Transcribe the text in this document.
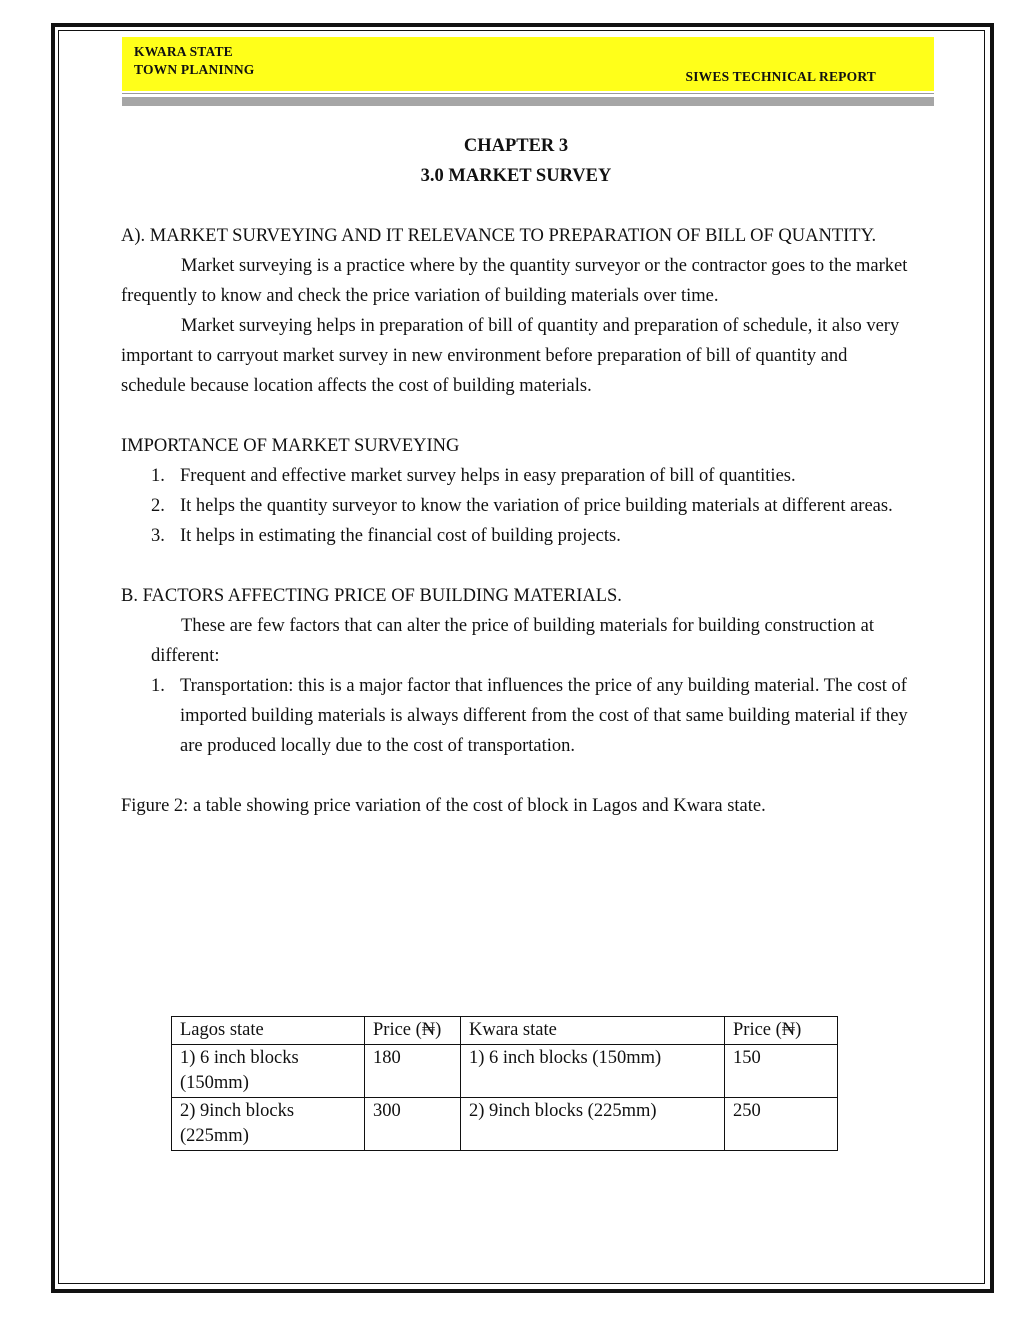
KWARA STATE
TOWN PLANINNG	SIWES TECHNICAL REPORT
CHAPTER 3
3.0 MARKET SURVEY

A). MARKET SURVEYING AND IT RELEVANCE TO PREPARATION OF BILL OF QUANTITY.

Market surveying is a practice where by the quantity surveyor or the contractor goes to the market frequently to know and check the price variation of building materials over time.

Market surveying helps in preparation of bill of quantity and preparation of schedule, it also very important to carryout market survey in new environment before preparation of bill of quantity and schedule because location affects the cost of building materials.

IMPORTANCE OF MARKET SURVEYING

1. Frequent and effective market survey helps in easy preparation of bill of quantities.
2. It helps the quantity surveyor to know the variation of price building materials at different areas.
3. It helps in estimating the financial cost of building projects.

B. FACTORS AFFECTING PRICE OF BUILDING MATERIALS.

These are few factors that can alter the price of building materials for building construction at different:

1. Transportation: this is a major factor that influences the price of any building material. The cost of imported building materials is always different from the cost of that same building material if they are produced locally due to the cost of transportation.

Figure 2: a table showing price variation of the cost of block in Lagos and Kwara state.

Lagos state	Price (₦)	Kwara state	Price (₦)
1) 6 inch blocks (150mm)	180	1) 6 inch blocks (150mm)	150
2) 9inch blocks (225mm)	300	2) 9inch blocks (225mm)	250
